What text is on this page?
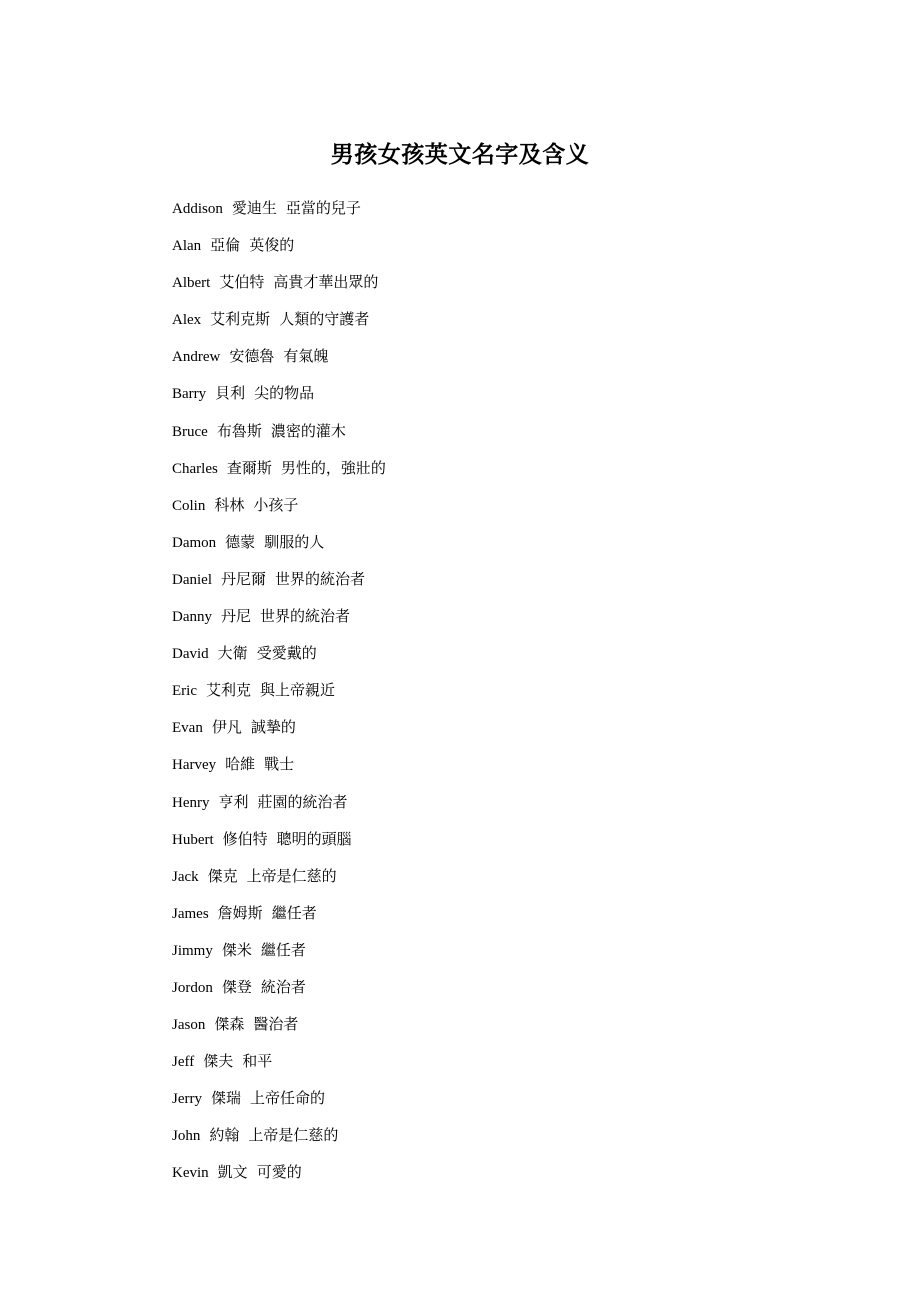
男孩女孩英文名字及含义
Addison 愛迪生 亞當的兒子
Alan 亞倫 英俊的
Albert 艾伯特 高貴才華出眾的
Alex 艾利克斯 人類的守護者
Andrew 安德魯 有氣魄
Barry 貝利 尖的物品
Bruce 布魯斯 濃密的灌木
Charles 查爾斯 男性的，強壯的
Colin 科林 小孩子
Damon 德蒙 馴服的人
Daniel 丹尼爾 世界的統治者
Danny 丹尼 世界的統治者
David 大衛 受愛戴的
Eric 艾利克 與上帝親近
Evan 伊凡 誠摯的
Harvey 哈維 戰士
Henry 亨利 莊園的統治者
Hubert 修伯特 聰明的頭腦
Jack 傑克 上帝是仁慈的
James 詹姆斯 繼任者
Jimmy 傑米 繼任者
Jordon 傑登 統治者
Jason 傑森 醫治者
Jeff 傑夫 和平
Jerry 傑瑞 上帝任命的
John 約翰 上帝是仁慈的
Kevin 凱文 可愛的
